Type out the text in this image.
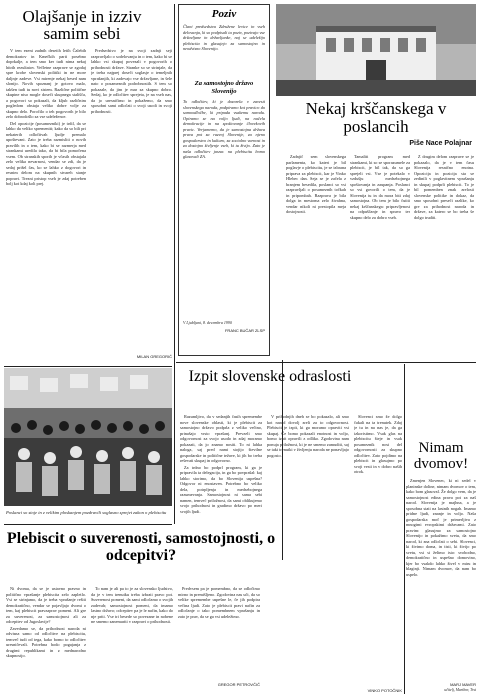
Olajšanje in izziv samim sebi

V tem ezeni zadnih desetih letih Čalebih demokratov in Kmečkih parti posebno doprkalje, a tem smo ker tudi nima nekaj hitrih rezultatov. Večletne razprave se zgodaj spre krobe slovenski politiki in ne more daljnje zadeve. Vsi mirenje nekaj besed nam slonijo. Novih spoznanj je gotovo malo, takšen tudi tu novi sistem. Različne politične skupine niso mogle doseči skupnega stališča, a pogovori so pokazali, da kljub različnim pogledom obstaja veliko dobre volje za skupno delo. Poročilo o teh pogovorih je bilo zelo dobrodošlo za vse udeležence.

Del opozicije (posamezniki) je trdil, da se lahko da veliko spremeniti; kako da so bili pri nekaterih odločitvah ljudje premalo upoštevani. Zato je treba razmisliti o novih pravilih in o tem, kako bi se razmerja med strankami uredila tako, da bi bila pomočena vsem. Ob stranskih sporih je včasih obstajala zelo velika nevarnost, vendar se zdi, da je sedaj prišel čas, ko se lahko z dogovori in resnim delom na skupnih stvareh stanje popravi. Trezni pristop vseh je zdaj potreben bolj kot kdaj koli prej.

Predsedstvo je na svoji zadnji seji razpravljalo o sodelovanju in o tem, kako bi se lahko vsi skupaj povezali v pogovorih o prihodnosti države. Stranke so se strinjale, da je treba najprej doseči soglasje o temeljnih vprašanjih, ki zadevajo vse državljane, in šele nato o posameznih podrobnostih. S tem so pokazale, da jim je mar za skupno dobro. Sedaj, ko je odločitev sprejeta, je na vseh nas, da jo uresničimo in pokažemo, da smo sposobni sami odločati o svoji usodi in svoji prihodnosti.

MILAN GREGORIČ
Poslanci so stoje in z velikim ploskanjem pozdravili soglasno sprejet zakon o plebiscitu
Plebiscit o suverenosti, samostojnosti, o odcepitvi?

Ni dvoma, da se je ustavno pravno in politično vprašanje plebiscita zelo zapletlo. Vsi se strinjamo, da je treba vprašanje rešiti demokratično, vendar se pojavljajo dvomi o tem, kaj plebiscit pravzaprav pomeni. Ali gre za suverenost, za samostojnost ali za odcepitev od Jugoslavije?

Zavedamo se, da prihodnost naroda ni odvisna samo od odločitve na plebiscitu, temveč tudi od tega, kako bomo to odločitev uresničevali. Potrebna bodo pogajanja z drugimi republikami in z mednarodno skupnostjo.

To nam je ali pa to je za slovensko ljudstvo, da je v tem trenutku treba izbrati pravo pot. Suverenost pomeni, da sami odločamo o svojih zadevah; samostojnost pomeni, da imamo lastno državo; odcepitev pa je le način, kako do nje priti. Vse tri besede so povezane in nobene ne smemo zanemariti v razpravi o prihodnosti.

Predvsem pa je pomembno, da se odločimo mirno in premišljeno. Zgodovina nas uči, da so velike spremembe uspešne le, če jih podpira večina ljudi. Zato je plebiscit pravi način za odločanje o tako pomembnem vprašanju in zato je prav, da se ga vsi udeležimo.

GREGOR PETROVČIČ
Poziv
Člani predsedstva Združene levice in vseh delovanja, ki so podpisali ta poziv, pozivajo vse državljane in državljanke, naj se udeležijo plebiscita in glasujejo za samostojno in neodvisno Slovenijo.
Za samostojno državo Slovenijo
To odločitev, ki je dozorela v zavesti slovenskega naroda, podpiramo kot pravico do samoodločbe, ki pripada vsakemu narodu. Opiramo se na voljo ljudi, na načela demokracije in na spoštovanje človekovih pravic. Verjamemo, da je samostojna država prava pot za razvoj Slovenije, za njeno gospodarstvo in kulturo, za socialno varnost in za dostojno življenje vseh, ki tu živijo. Zato je naša odločitev jasna: na plebiscitu bomo glasovali ZA.
V Ljubljani, 8. decembra 1990
FRANC BUČAR ZLSP
Izpit slovenske odraslosti

Razumljivo, da v sedanjih časih spremembe nove slovenske oblasti, ki je plebiscit za samostojno državo podprla z veliko večino, prinašajo vrsto vprašanj. Prevzeli smo odgovornost za svojo usodo in zdaj moramo pokazati, da jo znamo nositi. To ni lahka naloga, saj pred nami stojijo številne gospodarske in politične težave, ki jih bo treba reševati skupaj in odgovorno.

Za trdno bo podprl program, ki ga je pripravila ta delegacija, in ga bo povprašal: kaj lahko storimo, da bo Slovenija uspešna? Odgovor ni enostaven. Potrebno bo veliko dela, potrpljenja in medsebojnega razumevanja. Samostojnost ni sama sebi namen, temveč priložnost, da sami oblikujemo svojo prihodnost in gradimo državo po meri svojih ljudi.

V prihodnjih dneh se bo pokazalo, ali smo kot narod dovolj zreli za to odgovornost. Plebiscit je izpit, ki ga moramo opraviti vsi skupaj. Če bomo pokazali enotnost in voljo, bomo izpit opravili z odliko. Zgodovina nam ponuja priložnost, ki je ne smemo zamuditi, saj se taki trenutki v življenju naroda ne ponavljajo pogosto.

Slovenci smo že dolgo čakali na ta trenutek. Zdaj je tu in na nas je, da ga izkoristimo. Vsak glas na plebiscitu šteje in vsak posameznik nosi del odgovornosti za skupno odločitev. Zato pojdimo na plebiscit in glasujmo po svoji vesti in v dobro naših otrok.

VINKO POTOČNIK
Nekaj krščanskega v poslancih
Piše Nace Polajnar

Zadnjič sem slovenskega parlamenta, ko kateri je bil poglavje o plebiscitu, je se izbrana priprava za plebiscit, kar je Vinko Hlebec dan. Seja se je začela z branjem besedila, poslanci so vsi razpravljali o posameznih točkah in pripombah. Razprava je bila dolga in mestoma zelo živahna, vendar nikoli ni prestopila meja dostojnosti.

Tamaliti program med strankami, ki so se sporazumele za plebiscit, je bil tak, da so ga sprejeli vsi. Vse je potekalo v vzdušju medsebojnega spoštovanja in zaupanja. Poslanci so vsi govorili o tem, da je Slovenija tu in da mora biti zdaj samostojna. Ob tem je bilo čutiti nekaj krščanskega: pripravljenost na odpuščanje in spravo ter skupno delo za dobro vseh.

Z drugim delom razprave se je pokazalo, da je v tem času Slovenija resnično enotna. Opozicija in pozicija sta se zedinili v poglavitnem vprašanju in skupaj podprli plebiscit. To je bil pomemben znak zrelosti slovenske politike in dokaz, da smo sposobni preseči razlike, ko gre za prihodnost naroda in države, za katero se bo treba še dolgo truditi.

Nimam dvomov!

Zmenjen Slovenec, ki ni sedel v planinske doline, nimam dvomov o tem, kako bom glasoval. Že dolgo vem, da je samostojnost edina prava pot za naš narod. Slovenija je majhna, a je sposobna stati na lastnih nogah. Imamo pridne ljudi, znanje in voljo. Naša gospodarska moč je primerljiva z mnogimi evropskimi državami. Zato pravim: glasujmo za samostojno Slovenijo in pokažimo svetu, da smo narod, ki zna odločati o sebi. Slovenci, ki živimo doma, in tisti, ki živijo po svetu, vsi si želimo isto: svobodno, demokratično in uspešno domovino, kjer bo vsakdo lahko živel v miru in blaginji. Nimam dvomov, da nam bo uspelo.

MARJ MAVER
učitelj, Maribor, Trst
